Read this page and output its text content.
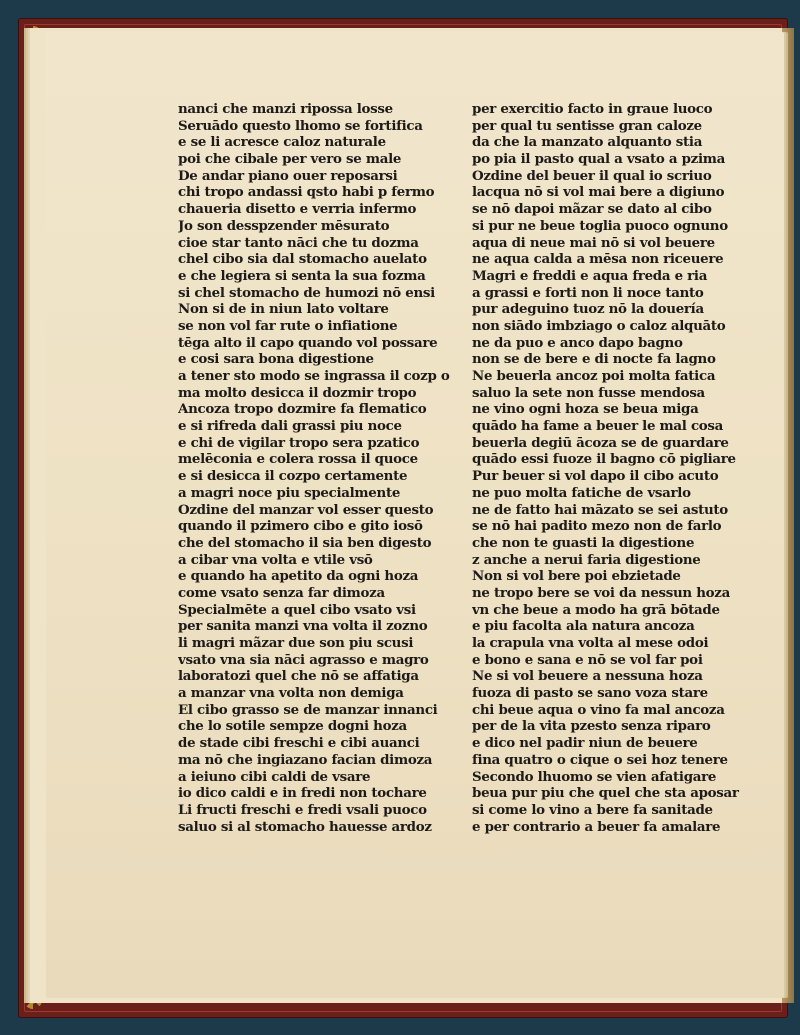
nanci che manzi ripossa losse
Seruādo questo lhomo se fortifica
e se li acresce caloz naturale
poi che cibale per vero se male
De andar piano ouer reposarsi
chi tropo andassi qsto habi p fermo
chaueria disetto e verria infermo
Jo son desspzender mēsurato
cioe star tanto nāci che tu dozma
chel cibo sia dal stomacho auelato
e che legiera si senta la sua fozma
si chel stomacho de humozi nō ensi
Non si de in niun lato voltare
se non vol far rute o infiatione
tēga alto il capo quando vol possare
e cosi sara bona digestione
a tener sto modo se ingrassa il cozp o
ma molto desicca il dozmir tropo
Ancoza tropo dozmire fa flematico
e si rifreda dali grassi piu noce
e chi de vigilar tropo sera pzatico
melēconia e colera rossa il quoce
e si desicca il cozpo certamente
a magri noce piu specialmente
Ozdine del manzar vol esser questo
quando il pzimero cibo e gito iosō
che del stomacho il sia ben digesto
a cibar vna volta e vtile vsō
e quando ha apetito da ogni hoza
come vsato senza far dimoza
Specialmēte a quel cibo vsato vsi
per sanita manzi vna volta il zozno
li magri mãzar due son piu scusi
vsato vna sia nāci agrasso e magro
laboratozi quel che nō se affatiga
a manzar vna volta non demiga
El cibo grasso se de manzar innanci
che lo sotile sempze dogni hoza
de stade cibi freschi e cibi auanci
ma nō che ingiazano facian dimoza
a ieiuno cibi caldi de vsare
io dico caldi e in fredi non tochare
Li fructi freschi e fredi vsali puoco
saluo si al stomacho hauesse ardoz
per exercitio facto in graue luoco
per qual tu sentisse gran caloze
da che la manzato alquanto stia
po pia il pasto qual a vsato a pzima
Ozdine del beuer il qual io scriuo
lacqua nō si vol mai bere a digiuno
se nō dapoi mãzar se dato al cibo
si pur ne beue toglia puoco ognuno
aqua di neue mai nō si vol beuere
ne aqua calda a mēsa non riceuere
Magri e freddi e aqua freda e ria
a grassi e forti non li noce tanto
pur adeguino tuoz nō la douería
non siādo imbziago o caloz alquāto
ne da puo e anco dapo bagno
non se de bere e di nocte fa lagno
Ne beuerla ancoz poi molta fatica
saluo la sete non fusse mendosa
ne vino ogni hoza se beua miga
quādo ha fame a beuer le mal cosa
beuerla degiū ācoza se de guardare
quādo essi fuoze il bagno cō pigliare
Pur beuer si vol dapo il cibo acuto
ne puo molta fatiche de vsarlo
ne de fatto hai māzato se sei astuto
se nō hai padito mezo non de farlo
che non te guasti la digestione
z anche a nerui faria digestione
Non si vol bere poi ebzietade
ne tropo bere se voi da nessun hoza
vn che beue a modo ha grā bōtade
e piu facolta ala natura ancoza
la crapula vna volta al mese odoi
e bono e sana e nō se vol far poi
Ne si vol beuere a nessuna hoza
fuoza di pasto se sano voza stare
chi beue aqua o vino fa mal ancoza
per de la vita pzesto senza riparo
e dico nel padir niun de beuere
fina quatro o cique o sei hoz tenere
Secondo lhuomo se vien afatigare
beua pur piu che quel che sta aposar
si come lo vino a bere fa sanitade
e per contrario a beuer fa amalare
